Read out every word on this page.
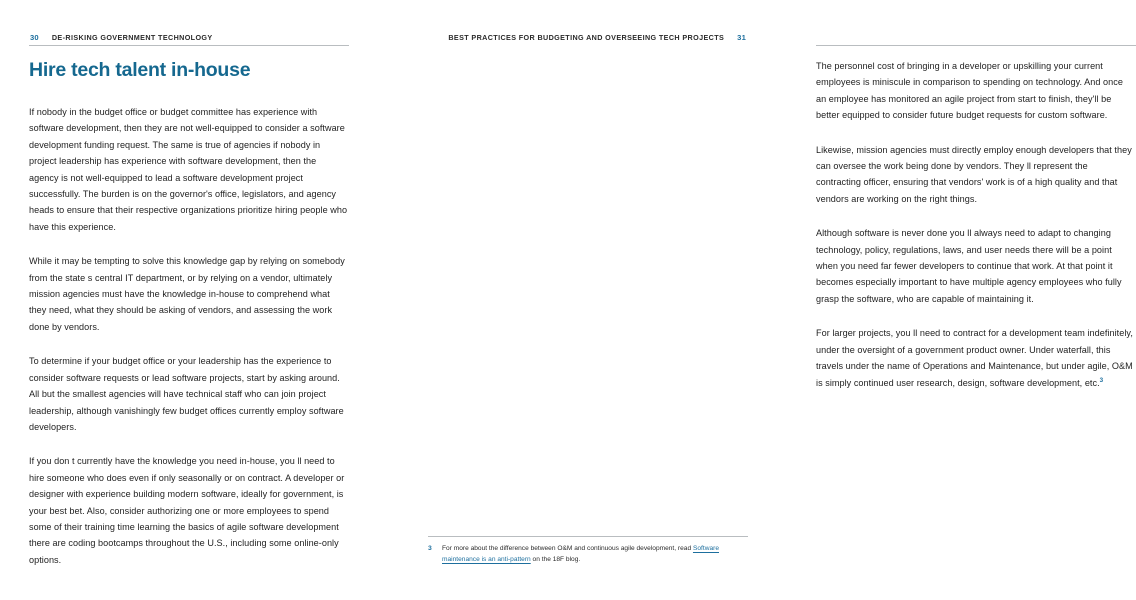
30 DE-RISKING GOVERNMENT TECHNOLOGY
Hire tech talent in-house

If nobody in the budget office or budget committee has experience with software development, then they are not well-equipped to consider a software development funding request. The same is true of agencies if nobody in project leadership has experience with software development, then the agency is not well-equipped to lead a software development project successfully. The burden is on the governor's office, legislators, and agency heads to ensure that their respective organizations prioritize hiring people who have this experience.

While it may be tempting to solve this knowledge gap by relying on somebody from the state s central IT department, or by relying on a vendor, ultimately mission agencies must have the knowledge in-house to comprehend what they need, what they should be asking of vendors, and assessing the work done by vendors.

To determine if your budget office or your leadership has the experience to consider software requests or lead software projects, start by asking around. All but the smallest agencies will have technical staff who can join project leadership, although vanishingly few budget offices currently employ software developers.

If you don t currently have the knowledge you need in-house, you ll need to hire someone who does even if only seasonally or on contract. A developer or designer with experience building modern software, ideally for government, is your best bet. Also, consider authorizing one or more employees to spend some of their training time learning the basics of agile software development there are coding bootcamps throughout the U.S., including some online-only options.

BEST PRACTICES FOR BUDGETING AND OVERSEEING TECH PROJECTS 31

The personnel cost of bringing in a developer or upskilling your current employees is miniscule in comparison to spending on technology. And once an employee has monitored an agile project from start to finish, they'll be better equipped to consider future budget requests for custom software.

Likewise, mission agencies must directly employ enough developers that they can oversee the work being done by vendors. They ll represent the contracting officer, ensuring that vendors' work is of a high quality and that vendors are working on the right things.

Although software is never done you ll always need to adapt to changing technology, policy, regulations, laws, and user needs there will be a point when you need far fewer developers to continue that work. At that point it becomes especially important to have multiple agency employees who fully grasp the software, who are capable of maintaining it.

For larger projects, you ll need to contract for a development team indefinitely, under the oversight of a government product owner. Under waterfall, this travels under the name of Operations and Maintenance, but under agile, O&M is simply continued user research, design, software development, etc.$^3$

3	For more about the difference between O&M and continuous agile development, read Software maintenance is an anti-pattern on the 18F blog.
